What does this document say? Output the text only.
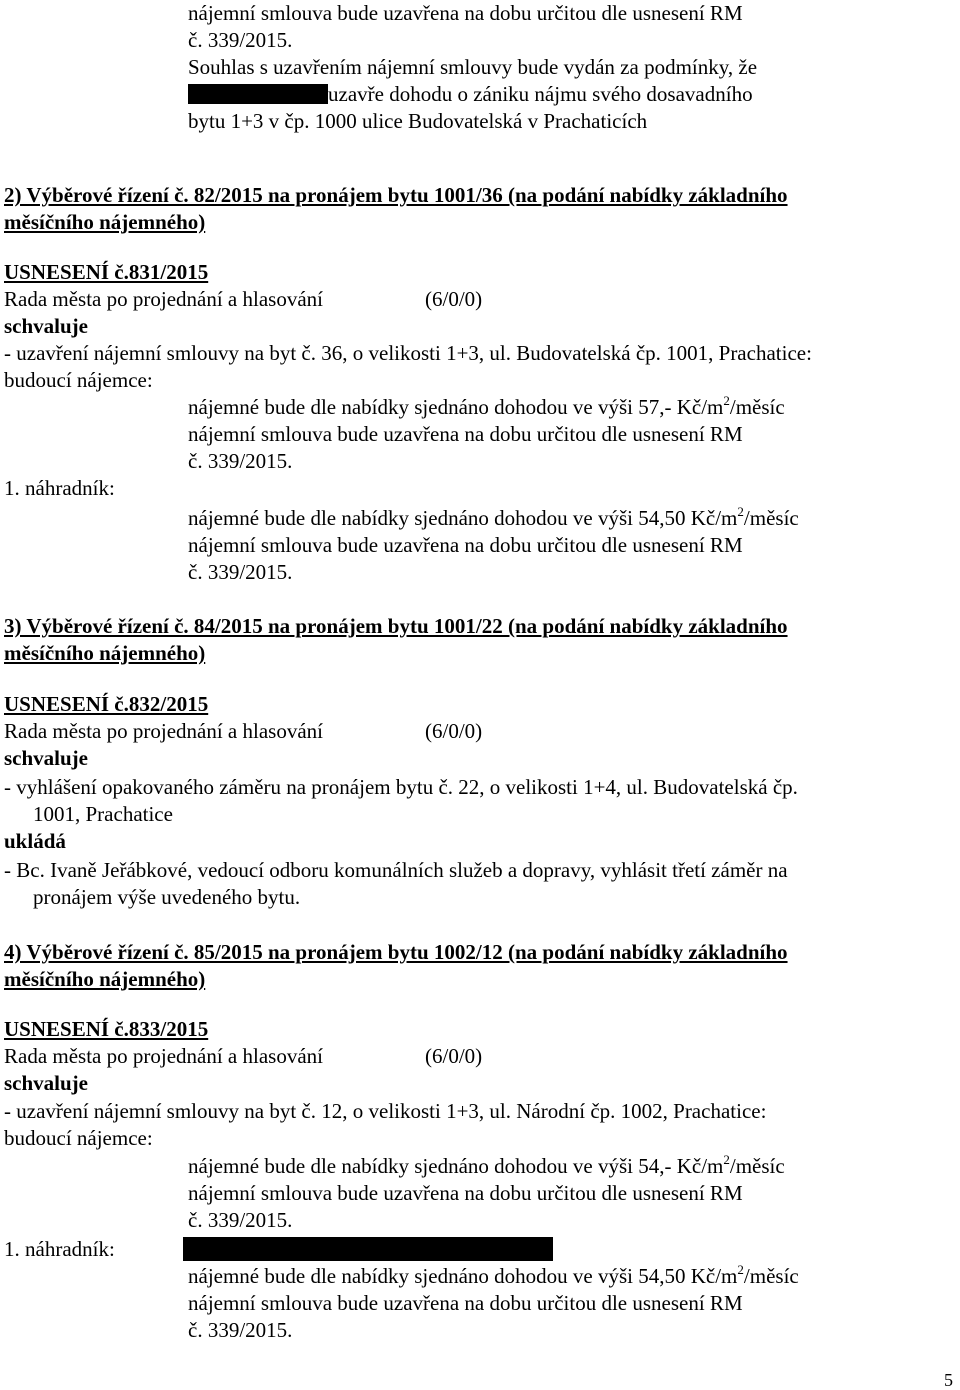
nájemní smlouva bude uzavřena na dobu určitou dle usnesení RM
č. 339/2015.
Souhlas s uzavřením nájemní smlouvy bude vydán za podmínky, že
uzavře dohodu o zániku nájmu svého dosavadního
bytu 1+3 v čp. 1000 ulice Budovatelská v Prachaticích
2) Výběrové řízení č. 82/2015 na pronájem bytu 1001/36 (na podání nabídky základního
měsíčního nájemného)
USNESENÍ č.831/2015
Rada města po projednání a hlasování	(6/0/0)
schvaluje
- uzavření nájemní smlouvy na byt č. 36, o velikosti 1+3, ul. Budovatelská čp. 1001, Prachatice:
budoucí nájemce:
nájemné bude dle nabídky sjednáno dohodou ve výši 57,- $Kč/m^2$/měsíc
nájemní smlouva bude uzavřena na dobu určitou dle usnesení RM
č. 339/2015.
1. náhradník:
nájemné bude dle nabídky sjednáno dohodou ve výši 54,50 $Kč/m^2$/měsíc
nájemní smlouva bude uzavřena na dobu určitou dle usnesení RM
č. 339/2015.
3) Výběrové řízení č. 84/2015 na pronájem bytu 1001/22 (na podání nabídky základního
měsíčního nájemného)
USNESENÍ č.832/2015
Rada města po projednání a hlasování	(6/0/0)
schvaluje
- vyhlášení opakovaného záměru na pronájem bytu č. 22, o velikosti 1+4, ul. Budovatelská čp.
1001, Prachatice
ukládá
- Bc. Ivaně Jeřábkové, vedoucí odboru komunálních služeb a dopravy, vyhlásit třetí záměr na
pronájem výše uvedeného bytu.
4) Výběrové řízení č. 85/2015 na pronájem bytu 1002/12 (na podání nabídky základního
měsíčního nájemného)
USNESENÍ č.833/2015
Rada města po projednání a hlasování	(6/0/0)
schvaluje
- uzavření nájemní smlouvy na byt č. 12, o velikosti 1+3, ul. Národní čp. 1002, Prachatice:
budoucí nájemce:
nájemné bude dle nabídky sjednáno dohodou ve výši 54,- $Kč/m^2$/měsíc
nájemní smlouva bude uzavřena na dobu určitou dle usnesení RM
č. 339/2015.
1. náhradník:
nájemné bude dle nabídky sjednáno dohodou ve výši 54,50 $Kč/m^2$/měsíc
nájemní smlouva bude uzavřena na dobu určitou dle usnesení RM
č. 339/2015.
5
